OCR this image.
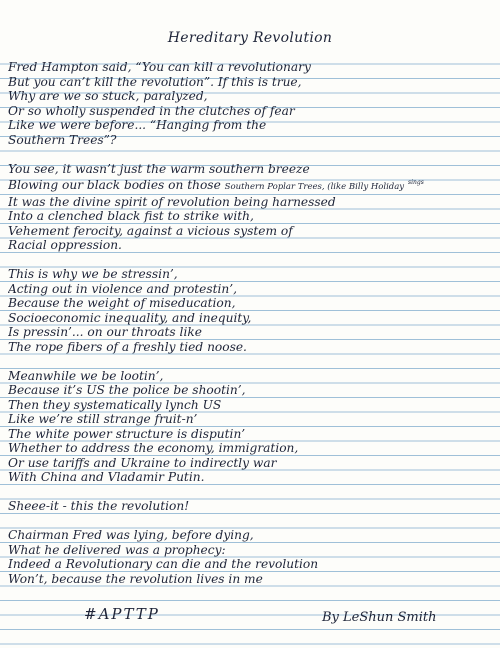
Hereditary Revolution
Fred Hampton said, “You can kill a revolutionary
But you can’t kill the revolution”. If this is true,
Why are we so stuck, paralyzed,
Or so wholly suspended in the clutches of fear
Like we were before... “Hanging from the
Southern Trees”?
You see, it wasn’t just the warm southern breeze
Blowing our black bodies on those Southern Poplar Trees, (like Billy Holiday $^{sings}$
It was the divine spirit of revolution being harnessed
Into a clenched black fist to strike with,
Vehement ferocity, against a vicious system of
Racial oppression.
This is why we be stressin’,
Acting out in violence and protestin’,
Because the weight of miseducation,
Socioeconomic inequality, and inequity,
Is pressin’... on our throats like
The rope fibers of a freshly tied noose.
Meanwhile we be lootin’,
Because it’s US the police be shootin’,
Then they systematically lynch US
Like we’re still strange fruit-n’
The white power structure is disputin’
Whether to address the economy, immigration,
Or use tariffs and Ukraine to indirectly war
With China and Vladamir Putin.
Sheee-it - this the revolution!
Chairman Fred was lying, before dying,
What he delivered was a prophecy:
Indeed a Revolutionary can die and the revolution
Won’t, because the revolution lives in me
#APTTP	By LeShun Smith
